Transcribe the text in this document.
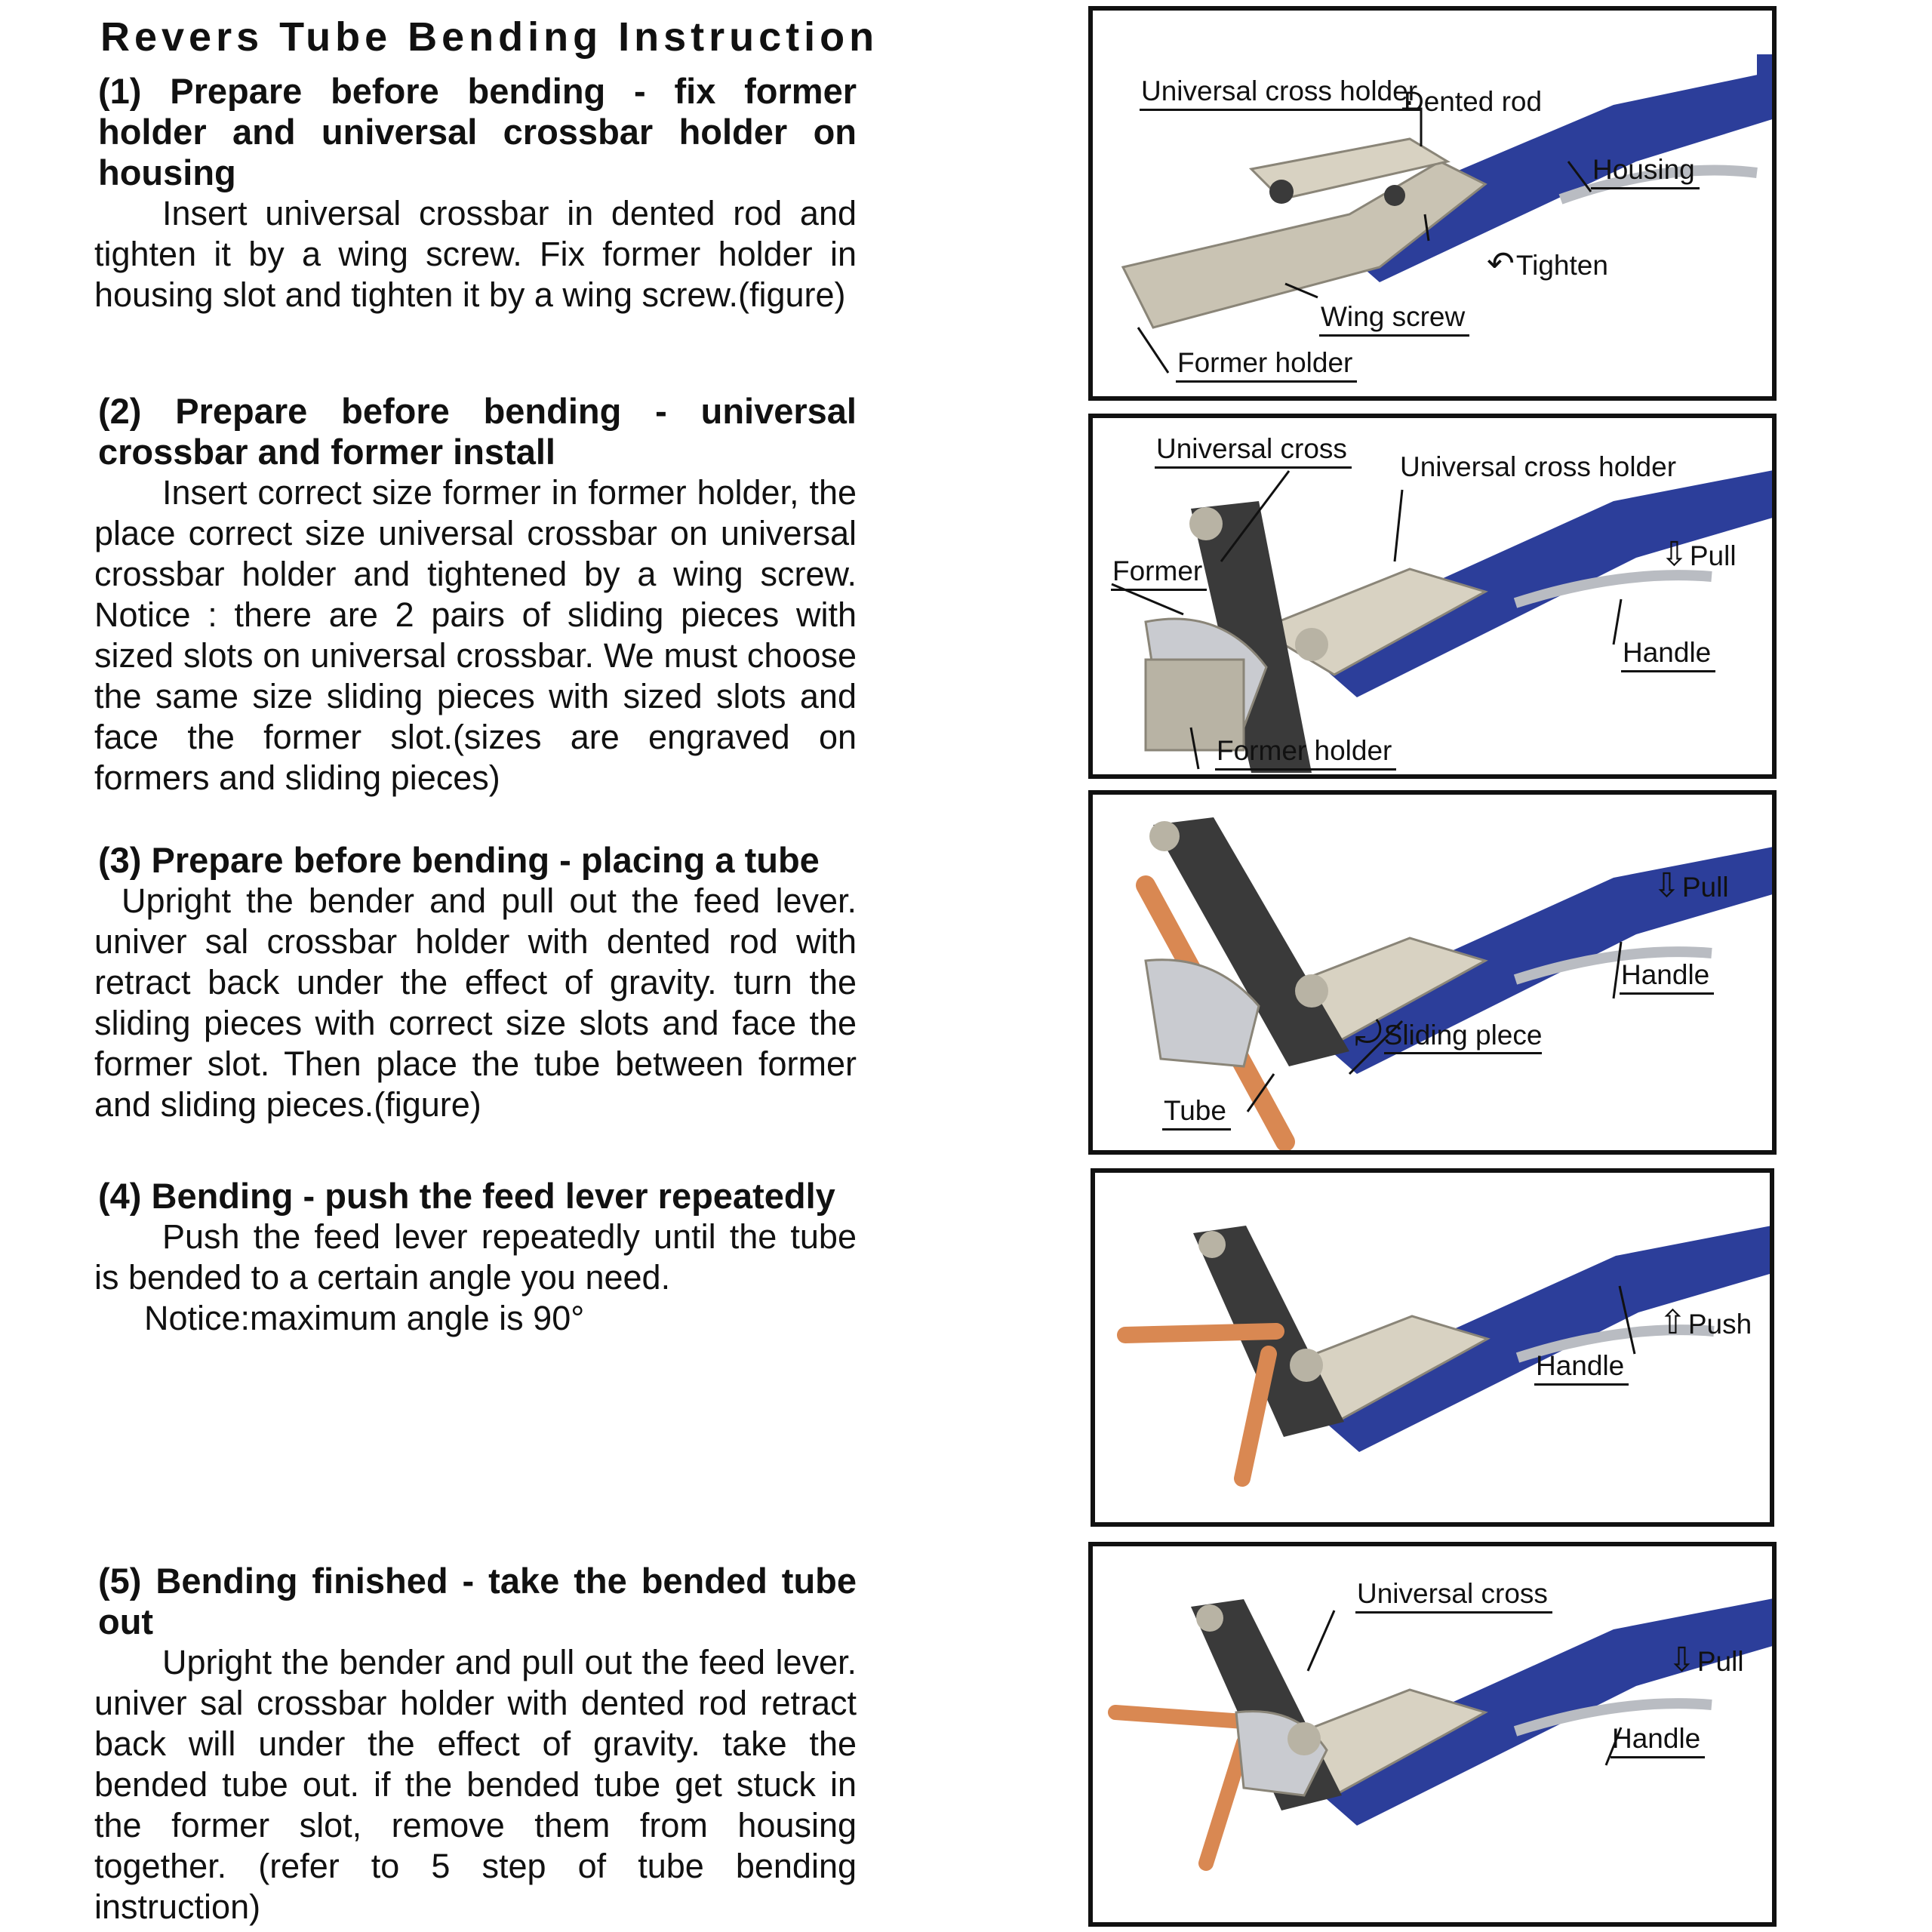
Revers Tube Bending Instruction

(1) Prepare before bending - fix former holder and universal crossbar holder on housing

Insert universal crossbar in dented rod and tighten it by a wing screw. Fix former holder in housing slot and tighten it by a wing screw.(figure)

(2) Prepare before bending - universal crossbar and former install

Insert correct size former in former holder, the place correct size universal crossbar on universal crossbar holder and tightened by a wing screw. Notice : there are 2 pairs of sliding pieces with sized slots on universal crossbar. We must choose the same size sliding pieces with sized slots and face the former slot.(sizes are engraved on formers and sliding pieces)

(3) Prepare before bending - placing a tube

Upright the bender and pull out the feed lever. univer sal crossbar holder with dented rod with retract back under the effect of gravity. turn the sliding pieces with correct size slots and face the former slot. Then place the tube between former and sliding pieces.(figure)

(4) Bending - push the feed lever repeatedly

Push the feed lever repeatedly until the tube is bended to a certain angle you need.

Notice:maximum angle is 90°

(5) Bending finished - take the bended tube out

Upright the bender and pull out the feed lever. univer sal crossbar holder with dented rod retract back will under the effect of gravity. take the bended tube out. if the bended tube get stuck in the former slot, remove them from housing together. (refer to 5 step of tube bending instruction)

Universal cross holder
Dented rod
Housing
↶Tighten
Wing screw
Former holder
Universal cross
Universal cross holder
⇩Pull
Former
Handle
Former holder
⇩Pull
Handle
⤾Sliding plece
Tube
⇧Push
Handle
Universal cross
⇩Pull
Handle
